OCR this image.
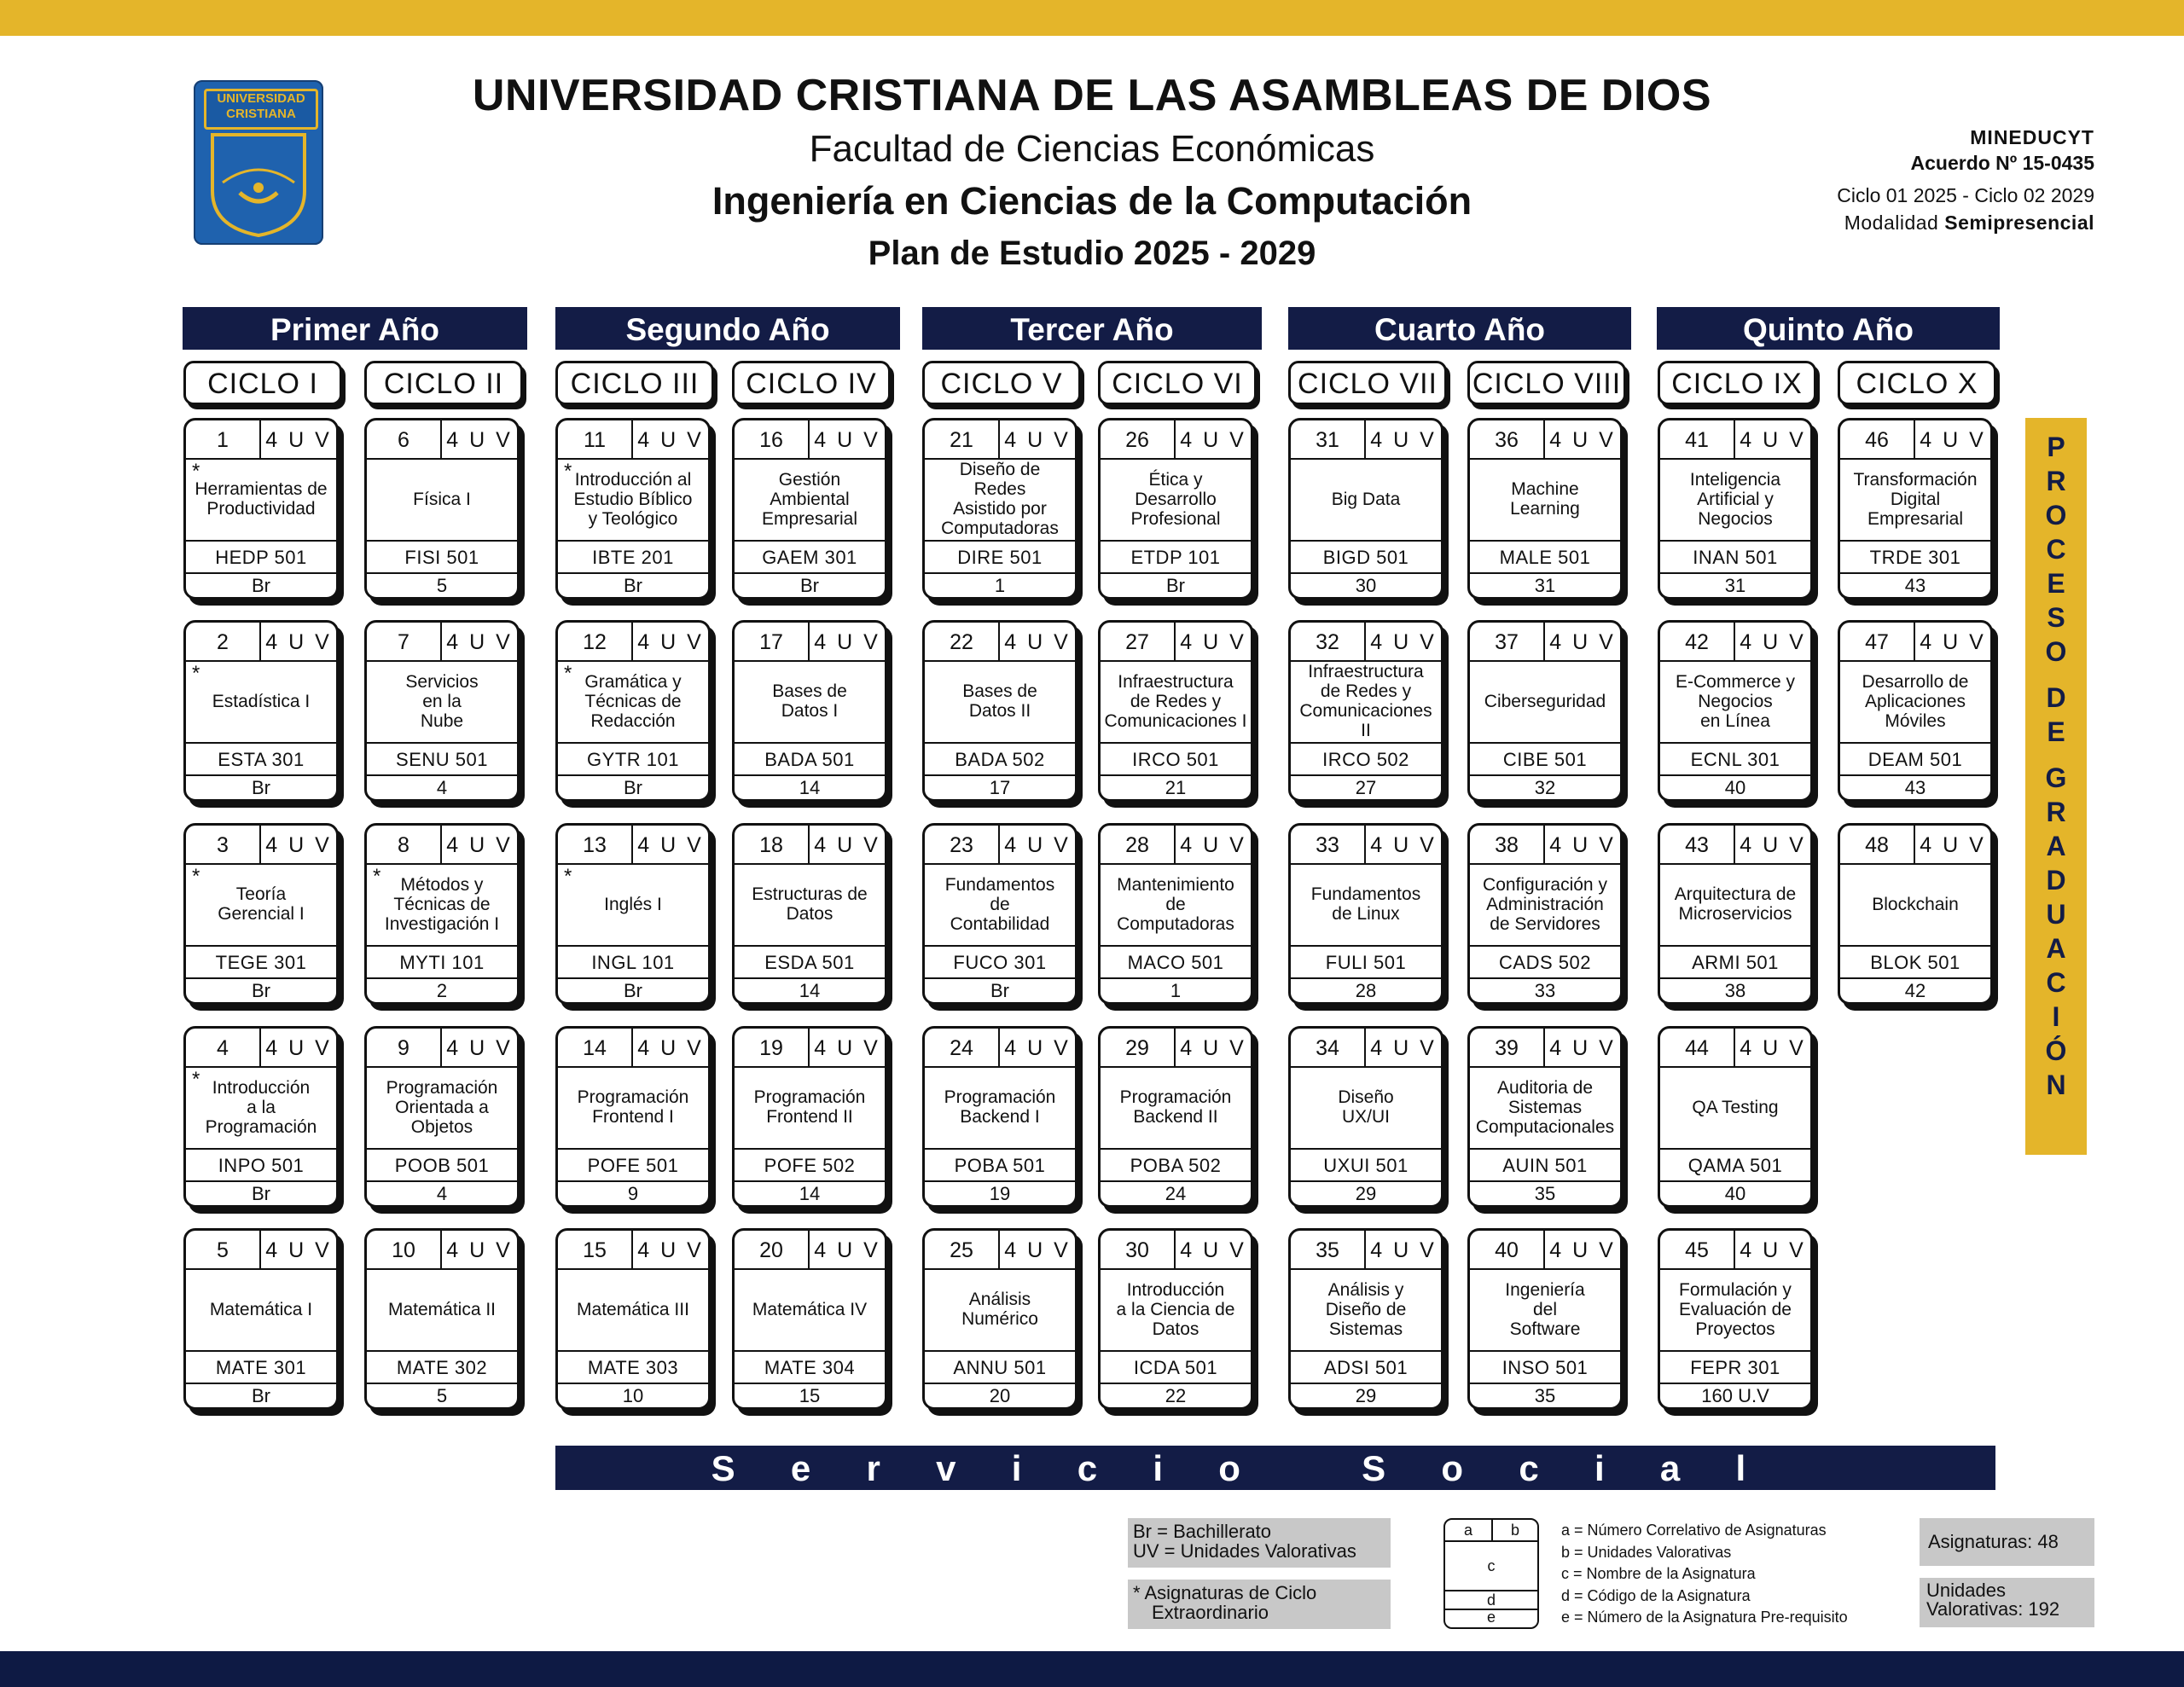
UNIVERSIDAD
CRISTIANA	UNIVERSIDAD CRISTIANA DE LAS ASAMBLEAS DE DIOS
Facultad de Ciencias Económicas
Ingeniería en Ciencias de la Computación
Plan de Estudio 2025 - 2029
MINEDUCYT
Acuerdo Nº 15-0435
Ciclo 01 2025 - Ciclo 02 2029
Modalidad Semipresencial
Primer Año	Segundo Año	Tercer Año	Cuarto Año	Quinto Año
CICLO I	CICLO II	CICLO III	CICLO IV	CICLO V	CICLO VI	CICLO VII	CICLO VIII	CICLO IX	CICLO X
1	4 U V
*
Herramientas de
Productividad
HEDP 501
Br
2	4 U V
*
Estadística I
ESTA 301
Br
3	4 U V
*
Teoría
Gerencial I
TEGE 301
Br
4	4 U V
* Introducción
a la
Programación
INPO 501
Br
5	4 U V
Matemática I
MATE 301
Br
6	4 U V
Física I
FISI 501
5
7	4 U V
Servicios
en la
Nube
SENU 501
4
8	4 U V
*	Métodos y
Técnicas de
Investigación I
MYTI 101
2
9	4 U V
Programación
Orientada a
Objetos
POOB 501
4
10	4 U V
Matemática II
MATE 302
5
11	4 U V
* Introducción al
Estudio Bíblico
y Teológico
IBTE 201
Br
12	4 U V
* Gramática y
Técnicas de
Redacción
GYTR 101
Br
13	4 U V
*
Inglés I
INGL 101
Br
14	4 U V
Programación
Frontend I
POFE 501
9
15	4 U V
Matemática III
MATE 303
10
16	4 U V
Gestión
Ambiental
Empresarial
GAEM 301
Br
17	4 U V
Bases de
Datos I
BADA 501
14
18	4 U V
Estructuras de
Datos
ESDA 501
14
19	4 U V
Programación
Frontend II
POFE 502
14
20	4 U V
Matemática IV
MATE 304
15
21	4 U V
Diseño de
Redes
Asistido por
Computadoras
DIRE 501
1
22	4 U V
Bases de
Datos II
BADA 502
17
23	4 U V
Fundamentos
de
Contabilidad
FUCO 301
Br
24	4 U V
Programación
Backend I
POBA 501
19
25	4 U V
Análisis
Numérico
ANNU 501
20
26	4 U V
Ética y
Desarrollo
Profesional
ETDP 101
Br
27	4 U V
Infraestructura
de Redes y
Comunicaciones I
IRCO 501
21
28	4 U V
Mantenimiento
de
Computadoras
MACO 501
1
29	4 U V
Programación
Backend II
POBA 502
24
30	4 U V
Introducción
a la Ciencia de
Datos
ICDA 501
22
31	4 U V
Big Data
BIGD 501
30
32	4 U V
Infraestructura
de Redes y
Comunicaciones II
IRCO 502
27
33	4 U V
Fundamentos
de Linux
FULI 501
28
34	4 U V
Diseño
UX/UI
UXUI 501
29
35	4 U V
Análisis y
Diseño de
Sistemas
ADSI 501
29
36	4 U V
Machine
Learning
MALE 501
31
37	4 U V
Ciberseguridad
CIBE 501
32
38	4 U V
Configuración y
Administración
de Servidores
CADS 502
33
39	4 U V
Auditoria de
Sistemas
Computacionales
AUIN 501
35
40	4 U V
Ingeniería
del
Software
INSO 501
35
41	4 U V
Inteligencia
Artificial y
Negocios
INAN 501
31
42	4 U V
E-Commerce y
Negocios
en Línea
ECNL 301
40
43	4 U V
Arquitectura de
Microservicios
ARMI 501
38
44	4 U V
QA Testing
QAMA 501
40
45	4 U V
Formulación y
Evaluación de
Proyectos
FEPR 301
160 U.V
46	4 U V
Transformación
Digital
Empresarial
TRDE 301
43
47	4 U V
Desarrollo de
Aplicaciones
Móviles
DEAM 501
43
48	4 U V
Blockchain
BLOK 501
42
P
R
O
C
E
S
O

D
E

G
R
A
D
U
A
C
I
Ó
N
S e r v i c i o
	S o c i a l
Br = Bachillerato
UV = Unidades Valorativas
* Asignaturas de Ciclo
Extraordinario
a	b
c
d
e
a = Número Correlativo de Asignaturas
b = Unidades Valorativas
c = Nombre de la Asignatura
d = Código de la Asignatura
e = Número de la Asignatura Pre-requisito
Asignaturas: 48
Unidades
Valorativas: 192
